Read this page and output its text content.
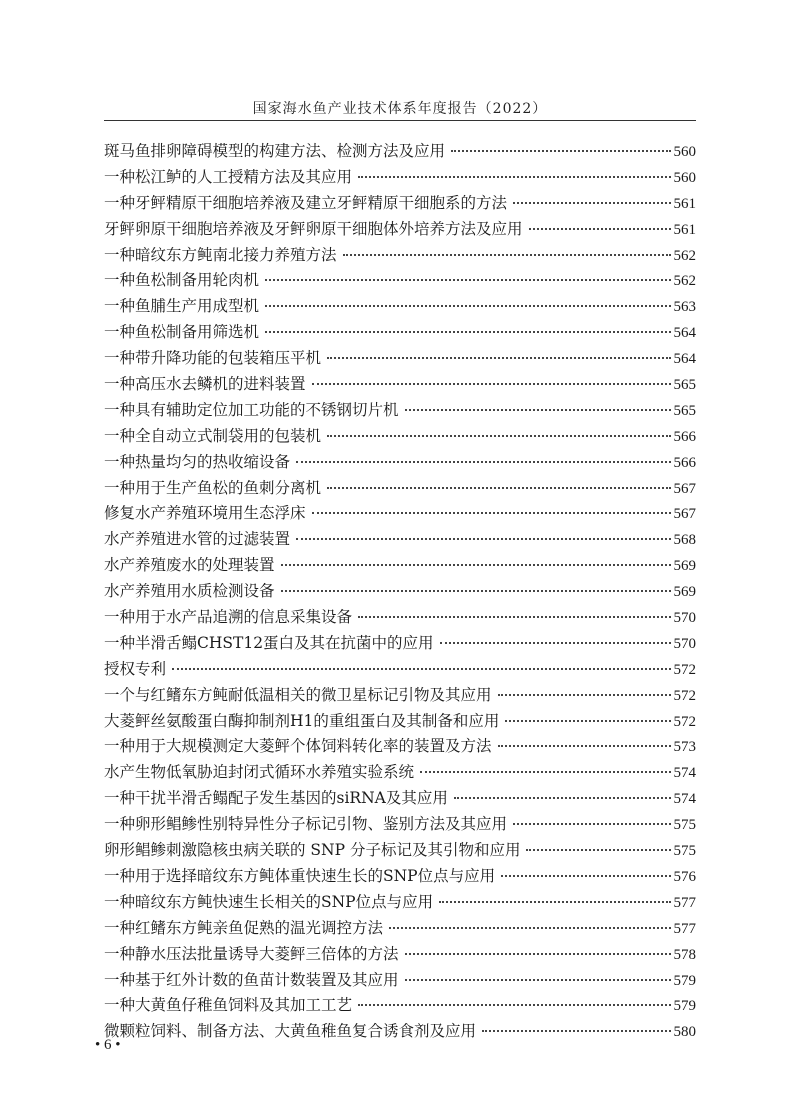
国家海水鱼产业技术体系年度报告（2022）
斑马鱼排卵障碍模型的构建方法、检测方法及应用	560
一种松江鲈的人工授精方法及其应用	560
一种牙鲆精原干细胞培养液及建立牙鲆精原干细胞系的方法	561
牙鲆卵原干细胞培养液及牙鲆卵原干细胞体外培养方法及应用	561
一种暗纹东方鲀南北接力养殖方法	562
一种鱼松制备用轮肉机	562
一种鱼脯生产用成型机	563
一种鱼松制备用筛选机	564
一种带升降功能的包装箱压平机	564
一种高压水去鳞机的进料装置	565
一种具有辅助定位加工功能的不锈钢切片机	565
一种全自动立式制袋用的包装机	566
一种热量均匀的热收缩设备	566
一种用于生产鱼松的鱼刺分离机	567
修复水产养殖环境用生态浮床	567
水产养殖进水管的过滤装置	568
水产养殖废水的处理装置	569
水产养殖用水质检测设备	569
一种用于水产品追溯的信息采集设备	570
一种半滑舌鳎CHST12蛋白及其在抗菌中的应用	570
授权专利	572
一个与红鳍东方鲀耐低温相关的微卫星标记引物及其应用	572
大菱鲆丝氨酸蛋白酶抑制剂H1的重组蛋白及其制备和应用	572
一种用于大规模测定大菱鲆个体饲料转化率的装置及方法	573
水产生物低氧胁迫封闭式循环水养殖实验系统	574
一种干扰半滑舌鳎配子发生基因的siRNA及其应用	574
一种卵形鲳鲹性别特异性分子标记引物、鉴别方法及其应用	575
卵形鲳鲹刺激隐核虫病关联的 SNP 分子标记及其引物和应用	575
一种用于选择暗纹东方鲀体重快速生长的SNP位点与应用	576
一种暗纹东方鲀快速生长相关的SNP位点与应用	577
一种红鳍东方鲀亲鱼促熟的温光调控方法	577
一种静水压法批量诱导大菱鲆三倍体的方法	578
一种基于红外计数的鱼苗计数装置及其应用	579
一种大黄鱼仔稚鱼饲料及其加工工艺	579
微颗粒饲料、制备方法、大黄鱼稚鱼复合诱食剂及应用	580
• 6 •
